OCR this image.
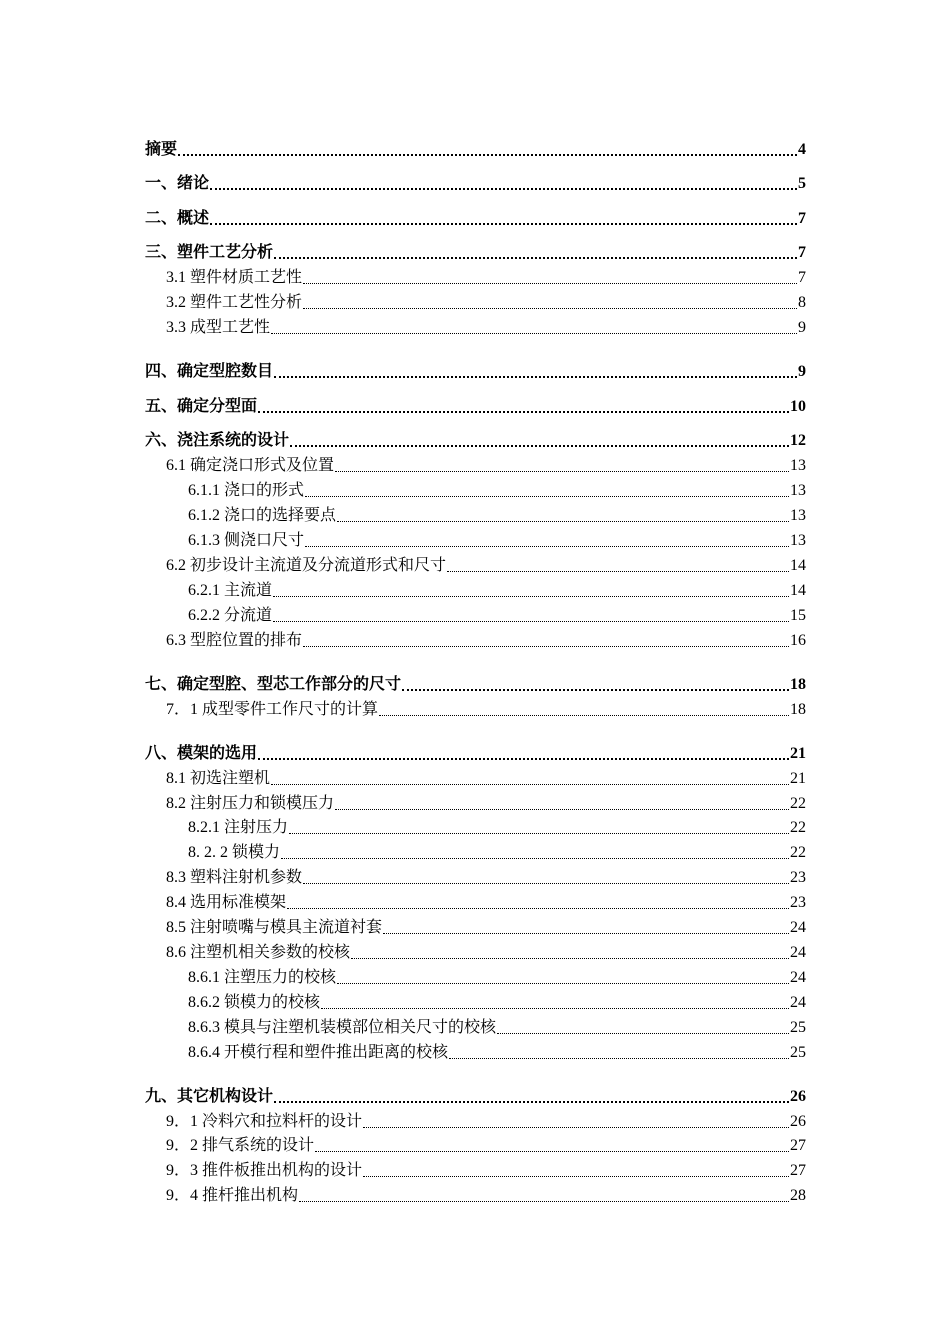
摘要	4
一、绪论	5
二、概述	7
三、塑件工艺分析	7
3.1 塑件材质工艺性	7
3.2 塑件工艺性分析	8
3.3 成型工艺性	9
四、确定型腔数目	9
五、确定分型面	10
六、浇注系统的设计	12
6.1 确定浇口形式及位置	13
6.1.1 浇口的形式	13
6.1.2 浇口的选择要点	13
6.1.3 侧浇口尺寸	13
6.2 初步设计主流道及分流道形式和尺寸	14
6.2.1 主流道	14
6.2.2 分流道	15
6.3 型腔位置的排布	16
七、确定型腔、型芯工作部分的尺寸	18
7．1 成型零件工作尺寸的计算	18
八、模架的选用	21
8.1 初选注塑机	21
8.2 注射压力和锁模压力	22
8.2.1 注射压力	22
8. 2. 2 锁模力	22
8.3 塑料注射机参数	23
8.4 选用标准模架	23
8.5 注射喷嘴与模具主流道衬套	24
8.6 注塑机相关参数的校核	24
8.6.1 注塑压力的校核	24
8.6.2 锁模力的校核	24
8.6.3 模具与注塑机装模部位相关尺寸的校核	25
8.6.4 开模行程和塑件推出距离的校核	25
九、其它机构设计	26
9．1 冷料穴和拉料杆的设计	26
9．2 排气系统的设计	27
9．3 推件板推出机构的设计	27
9．4 推杆推出机构	28
